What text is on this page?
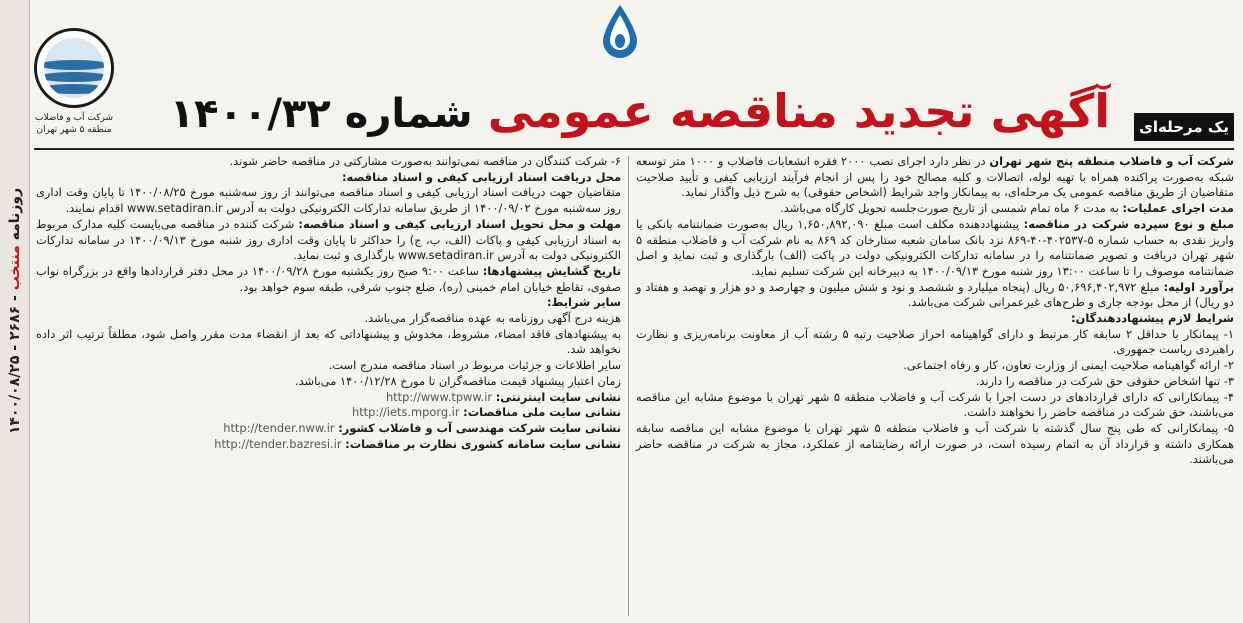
روزنامه منتخب - ۲۶۸۶ - ۱۴۰۰/۰۸/۲۵
شرکت آب و فاضلاب
منطقه ۵ شهر تهران	آگهی تجدید مناقصه عمومی شماره ۱۴۰۰/۳۲	یک مرحله‌ای

شرکت آب و فاضلاب منطقه پنج شهر تهران در نظر دارد اجرای نصب ۲۰۰۰ فقره انشعابات فاضلاب و ۱۰۰۰ متر توسعه شبکه به‌صورت پراکنده همراه با تهیه لوله، اتصالات و کلیه مصالح خود را پس از انجام فرآیند ارزیابی کیفی و تأیید صلاحیت متقاضیان از طریق مناقصه عمومی یک مرحله‌ای، به پیمانکار واجد شرایط (اشخاص حقوقی) به شرح ذیل واگذار نماید.

مدت اجرای عملیات: به مدت ۶ ماه تمام شمسی از تاریخ صورت‌جلسه تحویل کارگاه می‌باشد.

مبلغ و نوع سپرده شرکت در مناقصه: پیشنهاددهنده مکلف است مبلغ ۱,۶۵۰,۸۹۲,۰۹۰ ریال به‌صورت ضمانتنامه بانکی یا واریز نقدی به حساب شماره ۵-۴۰۲۵۳۷-۴۰-۸۶۹ نزد بانک سامان شعبه ستارخان کد ۸۶۹ به نام شرکت آب و فاضلاب منطقه ۵ شهر تهران دریافت و تصویر ضمانتنامه را در سامانه تدارکات الکترونیکی دولت در پاکت (الف) بارگذاری و ثبت نماید و اصل ضمانتنامه موصوف را تا ساعت ۱۳:۰۰ روز شنبه مورخ ۱۴۰۰/۰۹/۱۳ به دبیرخانه این شرکت تسلیم نماید.

برآورد اولیه: مبلغ ۵۰,۶۹۶,۴۰۲,۹۷۲ ریال (پنجاه میلیارد و ششصد و نود و شش میلیون و چهارصد و دو هزار و نهصد و هفتاد و دو ریال) از محل بودجه جاری و طرح‌های غیرعمرانی شرکت می‌باشد.

شرایط لازم پیشنهاددهندگان:

۱- پیمانکار با حداقل ۲ سابقه کار مرتبط و دارای گواهینامه احراز صلاحیت رتبه ۵ رشته آب از معاونت برنامه‌ریزی و نظارت راهبردی ریاست جمهوری.

۲- ارائه گواهینامه صلاحیت ایمنی از وزارت تعاون، کار و رفاه اجتماعی.

۳- تنها اشخاص حقوقی حق شرکت در مناقصه را دارند.

۴- پیمانکارانی که دارای قراردادهای در دست اجرا با شرکت آب و فاضلاب منطقه ۵ شهر تهران با موضوع مشابه این مناقصه می‌باشند، حق شرکت در مناقصه حاضر را نخواهند داشت.

۵- پیمانکارانی که طی پنج سال گذشته با شرکت آب و فاضلاب منطقه ۵ شهر تهران با موضوع مشابه این مناقصه سابقه همکاری داشته و قرارداد آن به اتمام رسیده است، در صورت ارائه رضایتنامه از عملکرد، مجاز به شرکت در مناقصه حاضر می‌باشند.

۶- شرکت کنندگان در مناقصه نمی‌توانند به‌صورت مشارکتی در مناقصه حاضر شوند.

محل دریافت اسناد ارزیابی کیفی و اسناد مناقصه:

متقاضیان جهت دریافت اسناد ارزیابی کیفی و اسناد مناقصه می‌توانند از روز سه‌شنبه مورخ ۱۴۰۰/۰۸/۲۵ تا پایان وقت اداری روز سه‌شنبه مورخ ۱۴۰۰/۰۹/۰۲ از طریق سامانه تدارکات الکترونیکی دولت به آدرس www.setadiran.ir اقدام نمایند.

مهلت و محل تحویل اسناد ارزیابی کیفی و اسناد مناقصه: شرکت کننده در مناقصه می‌بایست کلیه مدارک مربوط به اسناد ارزیابی کیفی و پاکات (الف، ب، ج) را حداکثر تا پایان وقت اداری روز شنبه مورخ ۱۴۰۰/۰۹/۱۳ در سامانه تدارکات الکترونیکی دولت به آدرس www.setadiran.ir بارگذاری و ثبت نماید.

تاریخ گشایش پیشنهادها: ساعت ۹:۰۰ صبح روز یکشنبه مورخ ۱۴۰۰/۰۹/۲۸ در محل دفتر قراردادها واقع در بزرگراه نواب صفوی، تقاطع خیابان امام خمینی (ره)، ضلع جنوب شرقی، طبقه سوم خواهد بود.

سایر شرایط:

هزینه درج آگهی روزنامه به عهده مناقصه‌گزار می‌باشد.

به پیشنهادهای فاقد امضاء، مشروط، مخدوش و پیشنهاداتی که بعد از انقضاء مدت مقرر واصل شود، مطلقاً ترتیب اثر داده نخواهد شد.

سایر اطلاعات و جزئیات مربوط در اسناد مناقصه مندرج است.

زمان اعتبار پیشنهاد قیمت مناقصه‌گران تا مورخ ۱۴۰۰/۱۲/۲۸ می‌باشد.

نشانی سایت اینترنتی: http://www.tpww.ir

نشانی سایت ملی مناقصات: http://iets.mporg.ir

نشانی سایت شرکت مهندسی آب و فاضلاب کشور: http://tender.nww.ir

نشانی سایت سامانه کشوری نظارت بر مناقصات: http://tender.bazresi.ir
